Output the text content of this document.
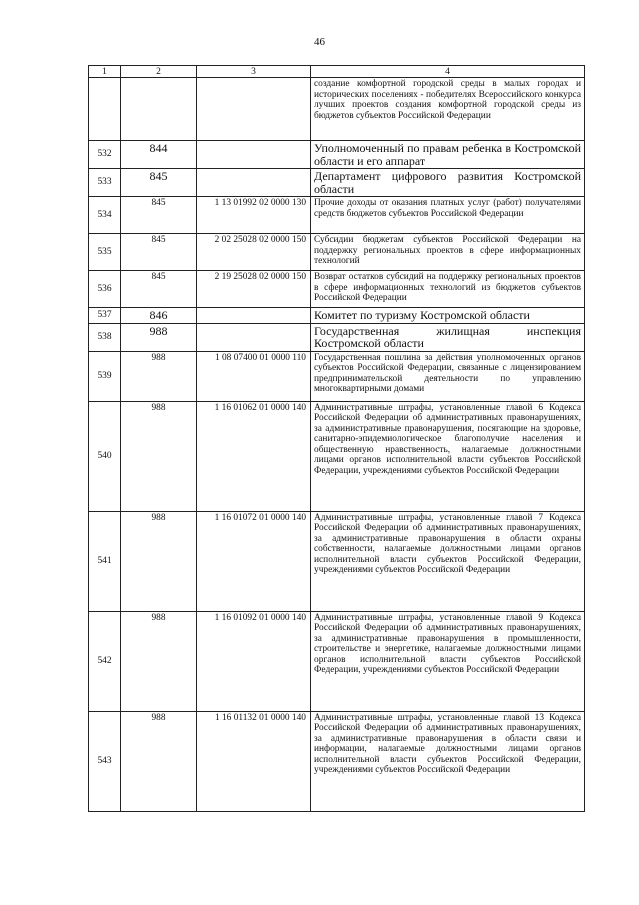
46
1	2	3	4
			создание комфортной городской среды в малых городах и исторических поселениях - победителях Всероссийского конкурса лучших проектов создания комфортной городской среды из бюджетов субъектов Российской Федерации
532	844		Уполномоченный по правам ребенка в Костромской области и его аппарат
533	845		Департамент цифрового развития Костромской области
534	845	1 13 01992 02 0000 130	Прочие доходы от оказания платных услуг (работ) получателями средств бюджетов субъектов Российской Федерации
535	845	2 02 25028 02 0000 150	Субсидии бюджетам субъектов Российской Федерации на поддержку региональных проектов в сфере информационных технологий
536	845	2 19 25028 02 0000 150	Возврат остатков субсидий на поддержку региональных проектов в сфере информационных технологий из бюджетов субъектов Российской Федерации
537	846		Комитет по туризму Костромской области
538	988		Государственная жилищная инспекция Костромской области
539	988	1 08 07400 01 0000 110	Государственная пошлина за действия уполномоченных органов субъектов Российской Федерации, связанные с лицензированием предпринимательской деятельности по управлению многоквартирными домами
540	988	1 16 01062 01 0000 140	Административные штрафы, установленные главой 6 Кодекса Российской Федерации об административных правонарушениях, за административные правонарушения, посягающие на здоровье, санитарно-эпидемиологическое благополучие населения и общественную нравственность, налагаемые должностными лицами органов исполнительной власти субъектов Российской Федерации, учреждениями субъектов Российской Федерации
541	988	1 16 01072 01 0000 140	Административные штрафы, установленные главой 7 Кодекса Российской Федерации об административных правонарушениях, за административные правонарушения в области охраны собственности, налагаемые должностными лицами органов исполнительной власти субъектов Российской Федерации, учреждениями субъектов Российской Федерации
542	988	1 16 01092 01 0000 140	Административные штрафы, установленные главой 9 Кодекса Российской Федерации об административных правонарушениях, за административные правонарушения в промышленности, строительстве и энергетике, налагаемые должностными лицами органов исполнительной власти субъектов Российской Федерации, учреждениями субъектов Российской Федерации
543	988	1 16 01132 01 0000 140	Административные штрафы, установленные главой 13 Кодекса Российской Федерации об административных правонарушениях, за административные правонарушения в области связи и информации, налагаемые должностными лицами органов исполнительной власти субъектов Российской Федерации, учреждениями субъектов Российской Федерации
